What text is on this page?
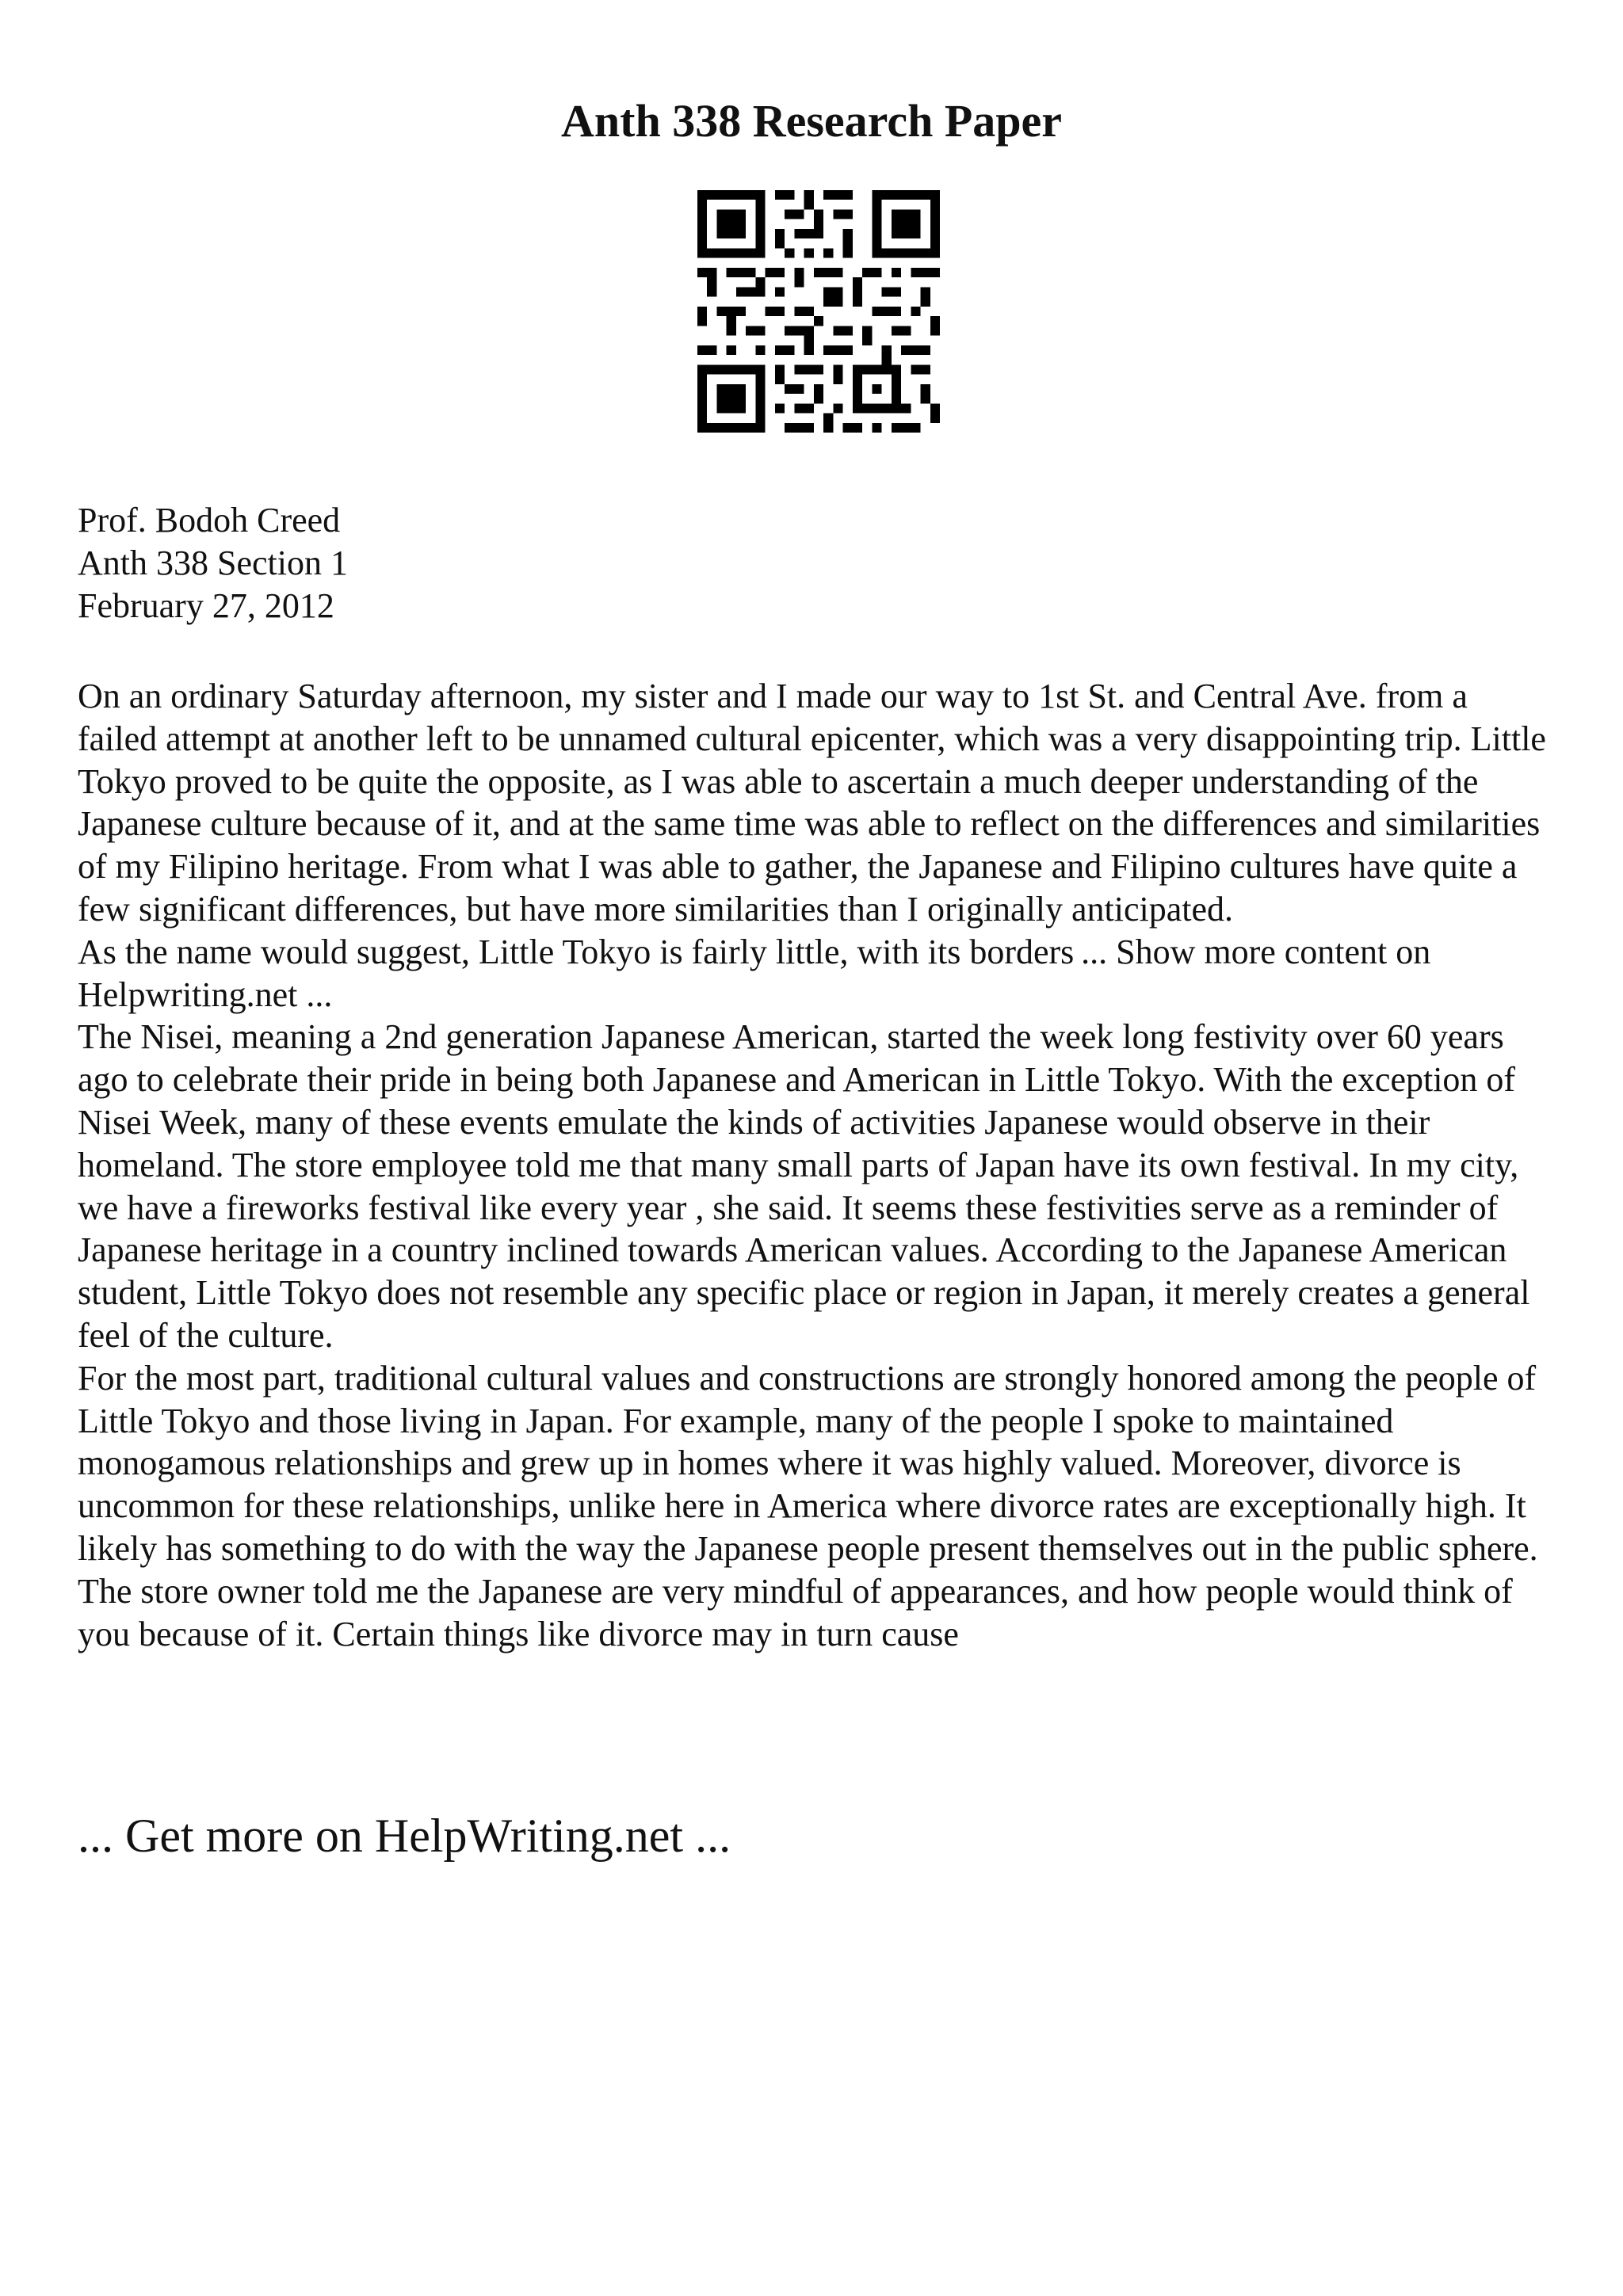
Anth 338 Research Paper
Prof. Bodoh Creed
Anth 338 Section 1
February 27, 2012

On an ordinary Saturday afternoon, my sister and I made our way to 1st St. and Central Ave. from a failed attempt at another left to be unnamed cultural epicenter, which was a very disappointing trip. Little Tokyo proved to be quite the opposite, as I was able to ascertain a much deeper understanding of the Japanese culture because of it, and at the same time was able to reflect on the differences and similarities of my Filipino heritage. From what I was able to gather, the Japanese and Filipino cultures have quite a few significant differences, but have more similarities than I originally anticipated.

As the name would suggest, Little Tokyo is fairly little, with its borders ... Show more content on Helpwriting.net ...

The Nisei, meaning a 2nd generation Japanese American, started the week long festivity over 60 years ago to celebrate their pride in being both Japanese and American in Little Tokyo. With the exception of Nisei Week, many of these events emulate the kinds of activities Japanese would observe in their homeland. The store employee told me that many small parts of Japan have its own festival. In my city, we have a fireworks festival like every year , she said. It seems these festivities serve as a reminder of Japanese heritage in a country inclined towards American values. According to the Japanese American student, Little Tokyo does not resemble any specific place or region in Japan, it merely creates a general feel of the culture.

For the most part, traditional cultural values and constructions are strongly honored among the people of Little Tokyo and those living in Japan. For example, many of the people I spoke to maintained monogamous relationships and grew up in homes where it was highly valued. Moreover, divorce is uncommon for these relationships, unlike here in America where divorce rates are exceptionally high. It likely has something to do with the way the Japanese people present themselves out in the public sphere. The store owner told me the Japanese are very mindful of appearances, and how people would think of you because of it. Certain things like divorce may in turn cause

... Get more on HelpWriting.net ...
